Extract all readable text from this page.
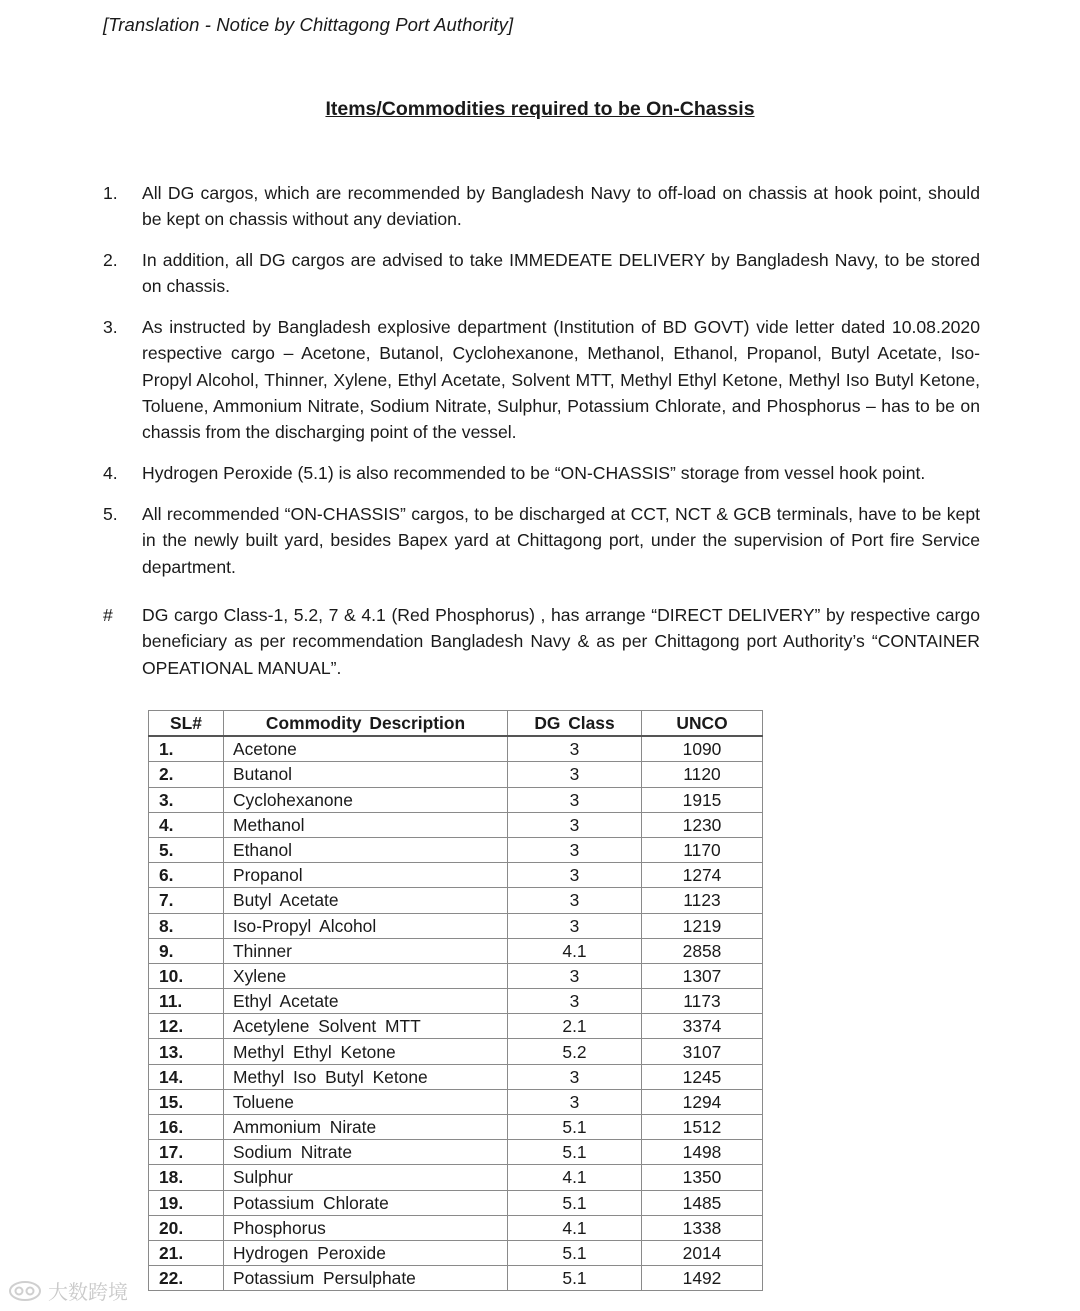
[Translation - Notice by Chittagong Port Authority]
Items/Commodities required to be On-Chassis
1.	All DG cargos, which are recommended by Bangladesh Navy to off-load on chassis at hook point, should be kept on chassis without any deviation.
2.	In addition, all DG cargos are advised to take IMMEDEATE DELIVERY by Bangladesh Navy, to be stored on chassis.
3.	As instructed by Bangladesh explosive department (Institution of BD GOVT) vide letter dated 10.08.2020 respective cargo – Acetone, Butanol, Cyclohexanone, Methanol, Ethanol, Propanol, Butyl Acetate, Iso-Propyl Alcohol, Thinner, Xylene, Ethyl Acetate, Solvent MTT, Methyl Ethyl Ketone, Methyl Iso Butyl Ketone, Toluene, Ammonium Nitrate, Sodium Nitrate, Sulphur, Potassium Chlorate, and Phosphorus – has to be on chassis from the discharging point of the vessel.
4.	Hydrogen Peroxide (5.1) is also recommended to be “ON-CHASSIS” storage from vessel hook point.
5.	All recommended “ON-CHASSIS” cargos, to be discharged at CCT, NCT & GCB terminals, have to be kept in the newly built yard, besides Bapex yard at Chittagong port, under the supervision of Port fire Service department.
#	DG cargo Class-1, 5.2, 7 & 4.1 (Red Phosphorus) , has arrange “DIRECT DELIVERY” by respective cargo beneficiary as per recommendation Bangladesh Navy & as per Chittagong port Authority’s “CONTAINER OPEATIONAL MANUAL”.
SL#	Commodity Description	DG Class	UNCO
1.	Acetone	3	1090
2.	Butanol	3	1120
3.	Cyclohexanone	3	1915
4.	Methanol	3	1230
5.	Ethanol	3	1170
6.	Propanol	3	1274
7.	Butyl Acetate	3	1123
8.	Iso-Propyl Alcohol	3	1219
9.	Thinner	4.1	2858
10.	Xylene	3	1307
11.	Ethyl Acetate	3	1173
12.	Acetylene Solvent MTT	2.1	3374
13.	Methyl Ethyl Ketone	5.2	3107
14.	Methyl Iso Butyl Ketone	3	1245
15.	Toluene	3	1294
16.	Ammonium Nirate	5.1	1512
17.	Sodium Nitrate	5.1	1498
18.	Sulphur	4.1	1350
19.	Potassium Chlorate	5.1	1485
20.	Phosphorus	4.1	1338
21.	Hydrogen Peroxide	5.1	2014
22.	Potassium Persulphate	5.1	1492
大数跨境
